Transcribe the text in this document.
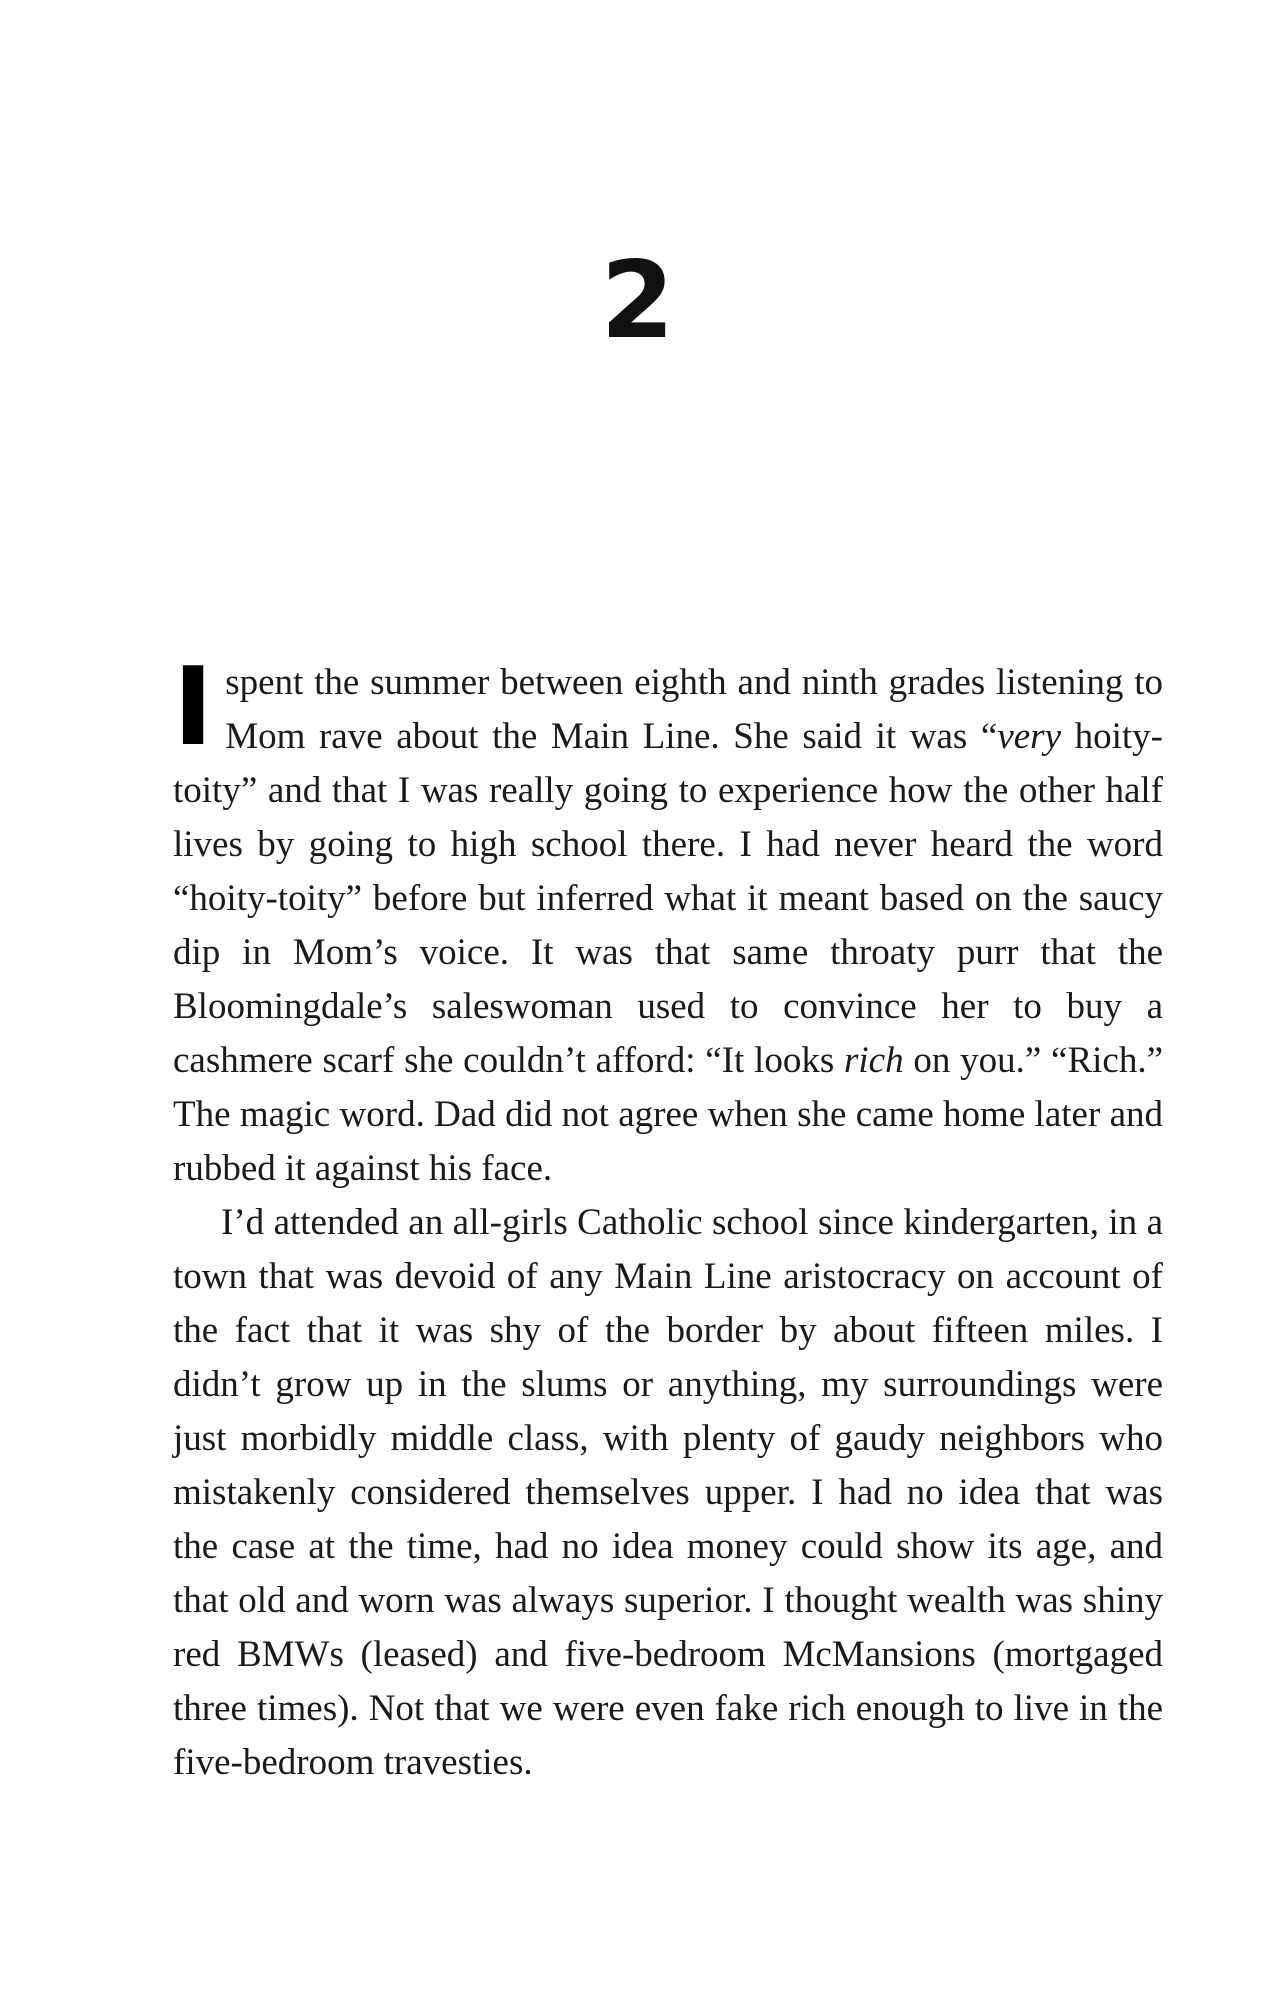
2

I spent the summer between eighth and ninth grades listening to Mom rave about the Main Line. She said it was “very hoity-toity” and that I was really going to experience how the other half lives by going to high school there. I had never heard the word “hoity-toity” before but inferred what it meant based on the saucy dip in Mom’s voice. It was that same throaty purr that the Bloomingdale’s saleswoman used to convince her to buy a cashmere scarf she couldn’t afford: “It looks rich on you.” “Rich.” The magic word. Dad did not agree when she came home later and rubbed it against his face.

I’d attended an all-girls Catholic school since kindergarten, in a town that was devoid of any Main Line aristocracy on account of the fact that it was shy of the border by about fifteen miles. I didn’t grow up in the slums or anything, my surroundings were just morbidly middle class, with plenty of gaudy neighbors who mistakenly considered themselves upper. I had no idea that was the case at the time, had no idea money could show its age, and that old and worn was always superior. I thought wealth was shiny red BMWs (leased) and five-bedroom McMansions (mortgaged three times). Not that we were even fake rich enough to live in the five-bedroom travesties.
